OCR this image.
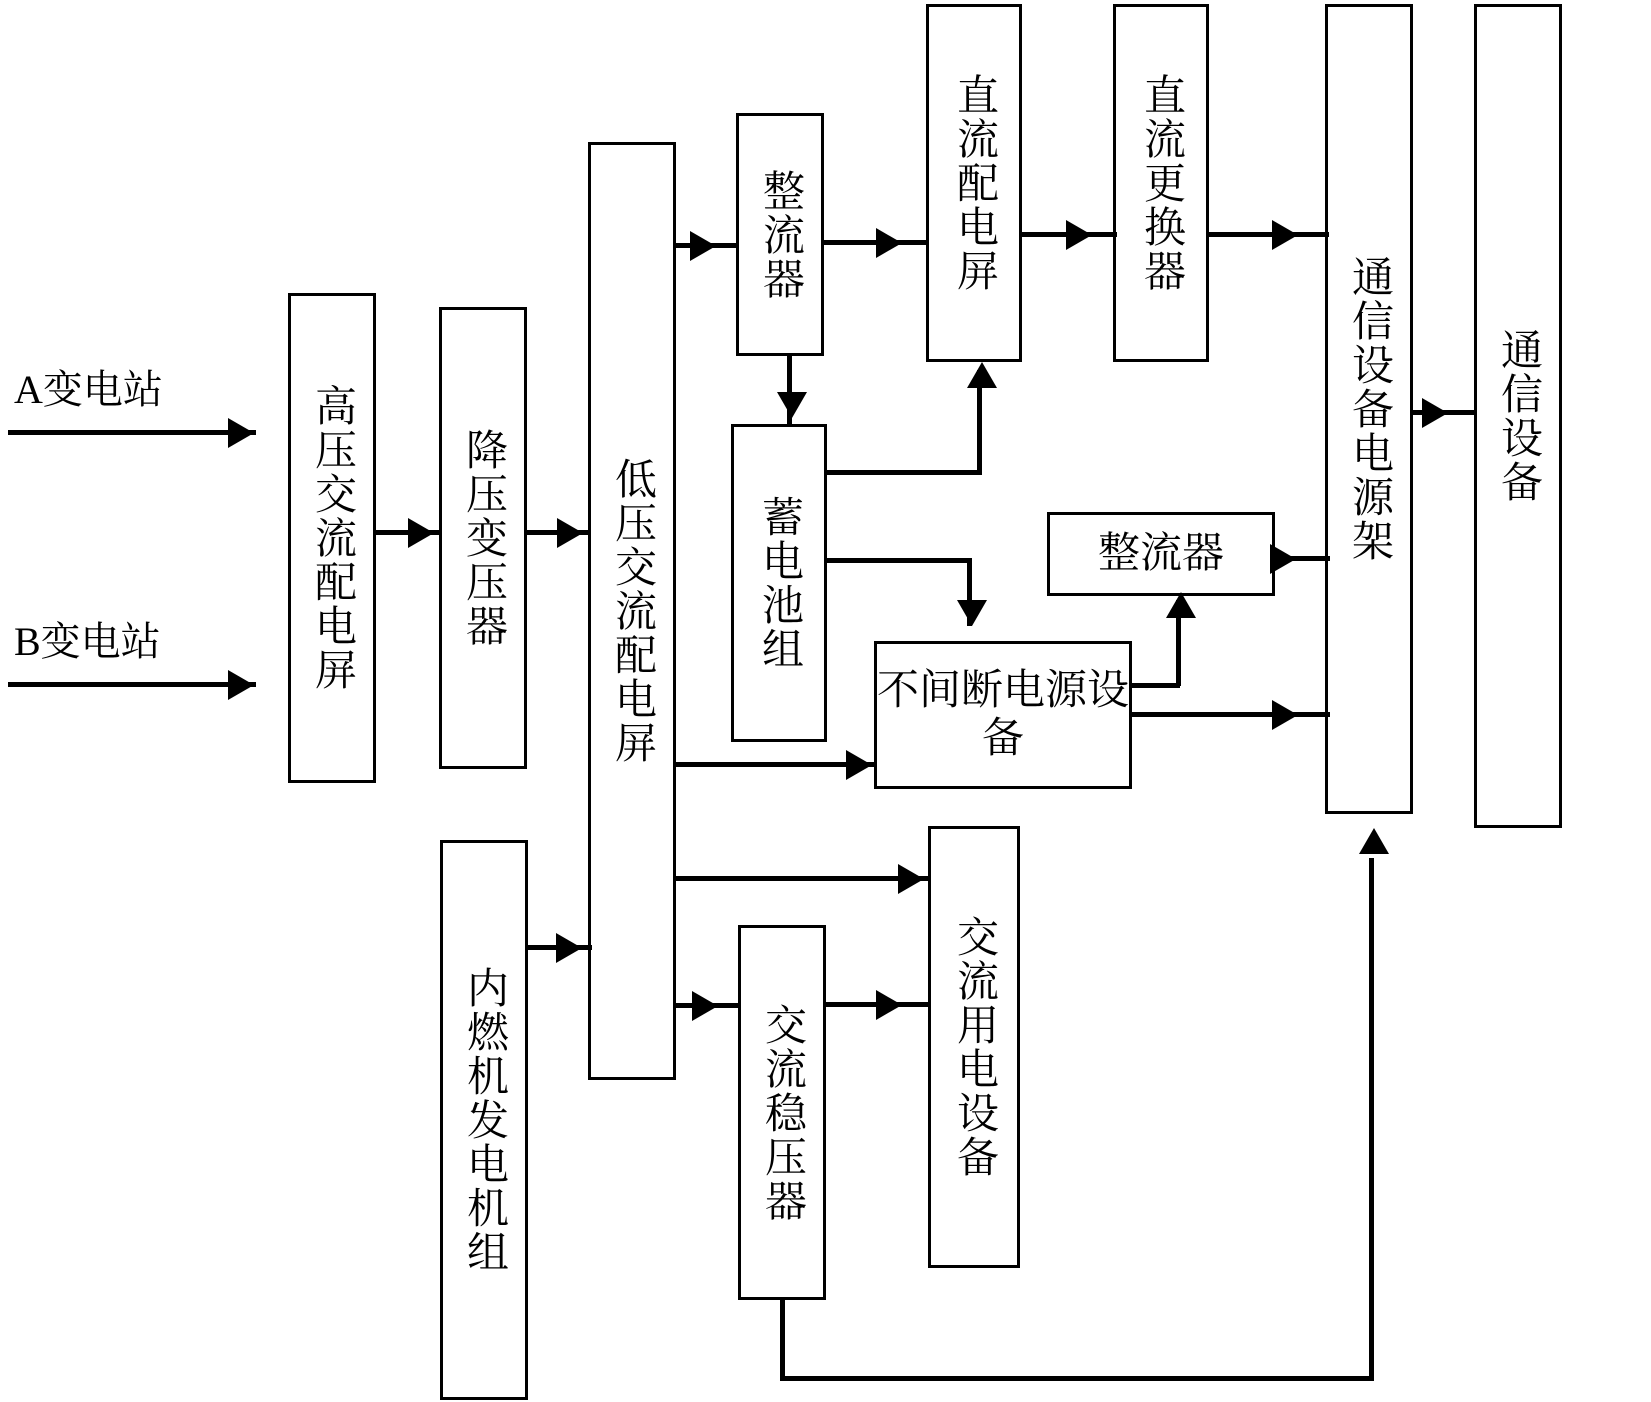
A变电站
B变电站	高压交流配电屏	降压变压器	低压交流配电屏
内燃机发电机组
整流器
蓄电池组
直流配电屏	直流更换器
不间断电源设备
整流器
交流稳压器	交流用电设备
通信设备电源架	通信设备
